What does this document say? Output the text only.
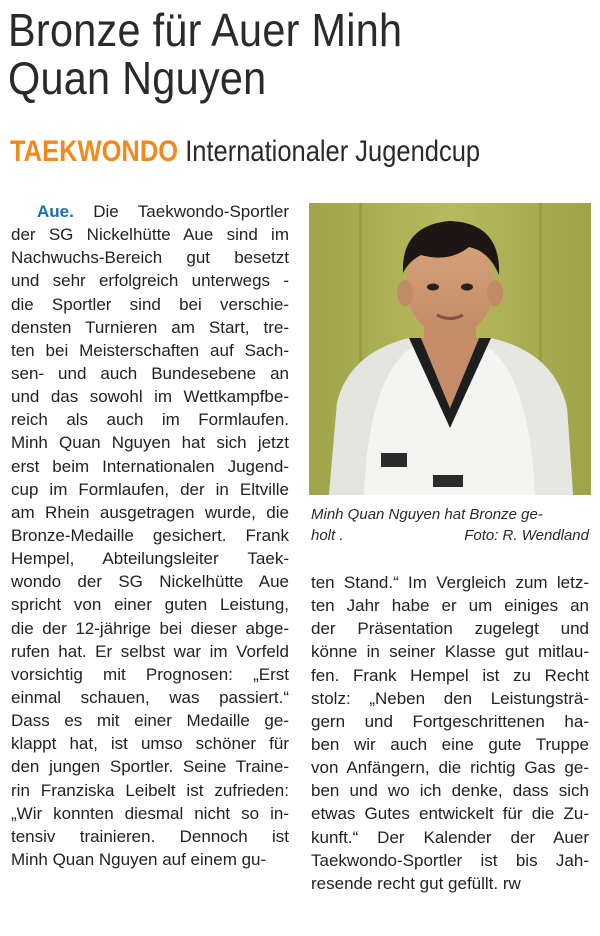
Bronze für Auer Minh
Quan Nguyen
TAEKWONDO Internationaler Jugendcup
Aue. Die Taekwondo-Sportler
der SG Nickelhütte Aue sind im
Nachwuchs-Bereich gut besetzt
und sehr erfolgreich unterwegs -
die Sportler sind bei verschie-
densten Turnieren am Start, tre-
ten bei Meisterschaften auf Sach-
sen- und auch Bundesebene an
und das sowohl im Wettkampfbe-
reich als auch im Formlaufen.
Minh Quan Nguyen hat sich jetzt
erst beim Internationalen Jugend-
cup im Formlaufen, der in Eltville
am Rhein ausgetragen wurde, die
Bronze-Medaille gesichert. Frank
Hempel, Abteilungsleiter Taek-
wondo der SG Nickelhütte Aue
spricht von einer guten Leistung,
die der 12-jährige bei dieser abge-
rufen hat. Er selbst war im Vorfeld
vorsichtig mit Prognosen: „Erst
einmal schauen, was passiert.“
Dass es mit einer Medaille ge-
klappt hat, ist umso schöner für
den jungen Sportler. Seine Traine-
rin Franziska Leibelt ist zufrieden:
„Wir konnten diesmal nicht so in-
tensiv trainieren. Dennoch ist
Minh Quan Nguyen auf einem gu-
Minh Quan Nguyen hat Bronze ge-
holt .	Foto: R. Wendland
ten Stand.“ Im Vergleich zum letz-
ten Jahr habe er um einiges an
der Präsentation zugelegt und
könne in seiner Klasse gut mitlau-
fen. Frank Hempel ist zu Recht
stolz: „Neben den Leistungsträ-
gern und Fortgeschrittenen ha-
ben wir auch eine gute Truppe
von Anfängern, die richtig Gas ge-
ben und wo ich denke, dass sich
etwas Gutes entwickelt für die Zu-
kunft.“ Der Kalender der Auer
Taekwondo-Sportler ist bis Jah-
resende recht gut gefüllt. rw
